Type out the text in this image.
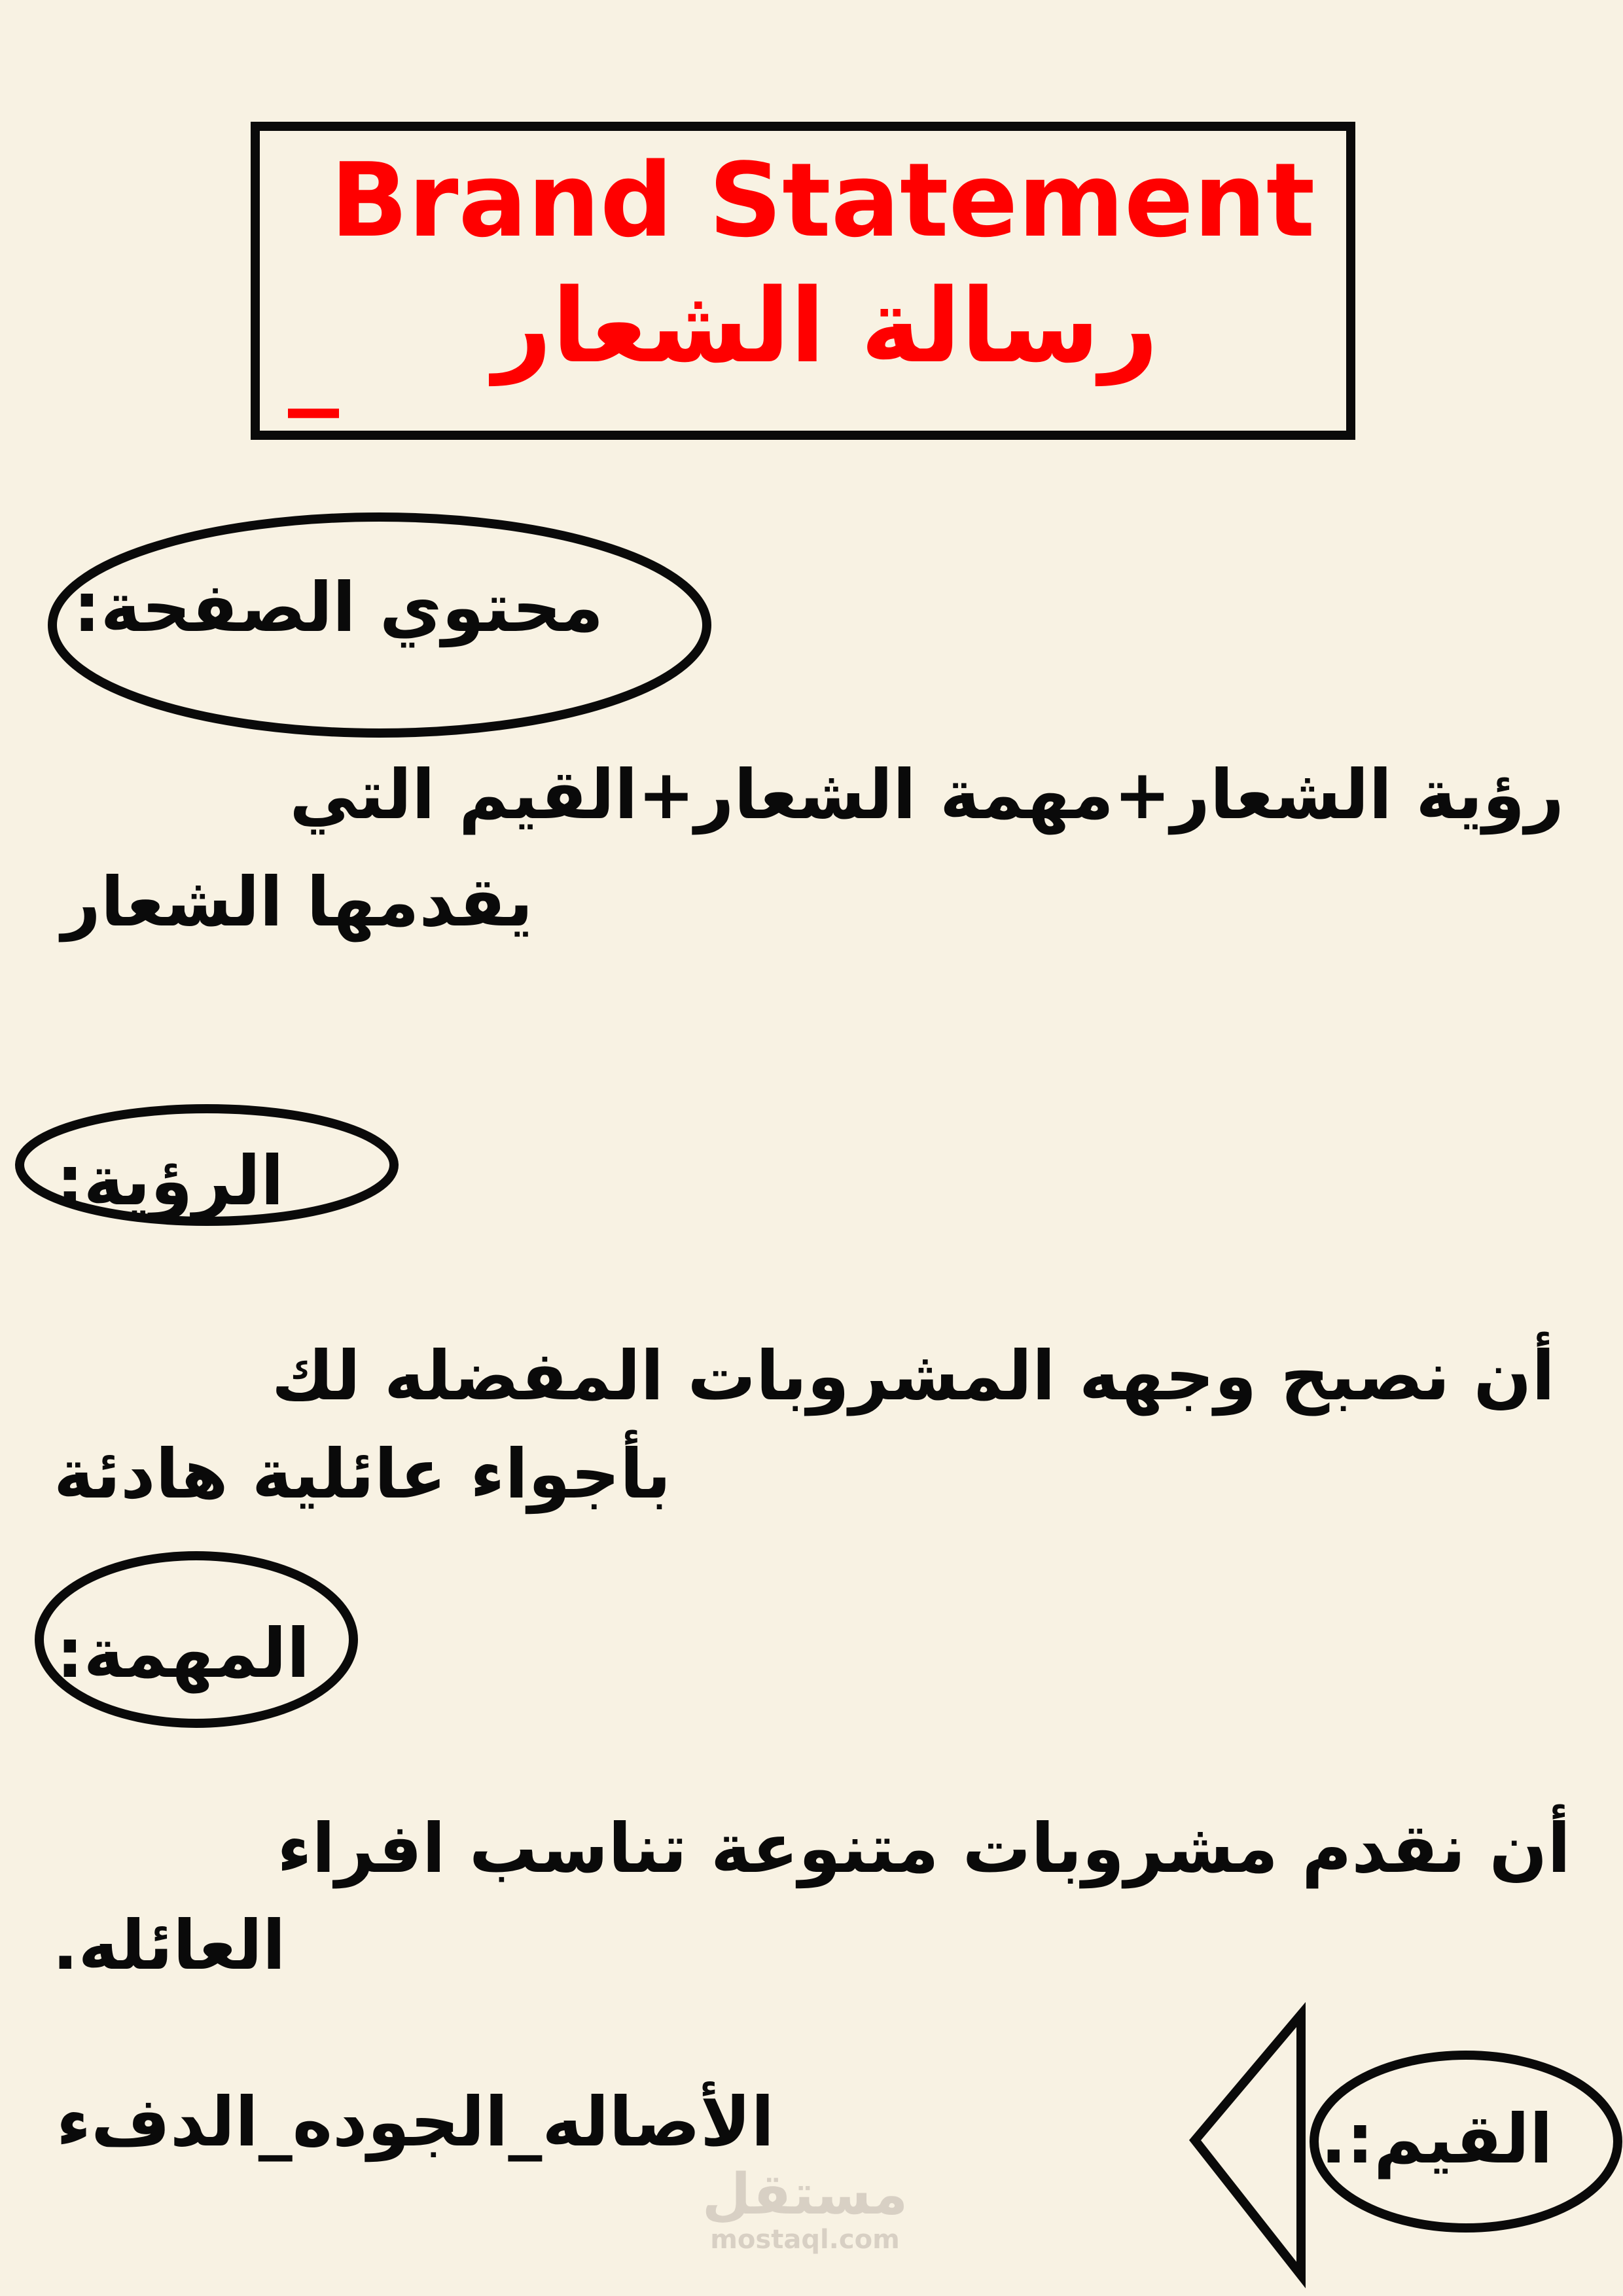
Brand Statement
رسالة الشعار
_
محتوي الصفحة:
رؤية الشعار+مهمة الشعار+القيم التي
يقدمها الشعار
الرؤية:
أن نصبح وجهه المشروبات المفضله لك
بأجواء عائلية هادئة
المهمة:
أن نقدم مشروبات متنوعة تناسب افراء
العائله.
الأصاله_الجوده_الدفء	القيم:.
مستقل
mostaql.com
